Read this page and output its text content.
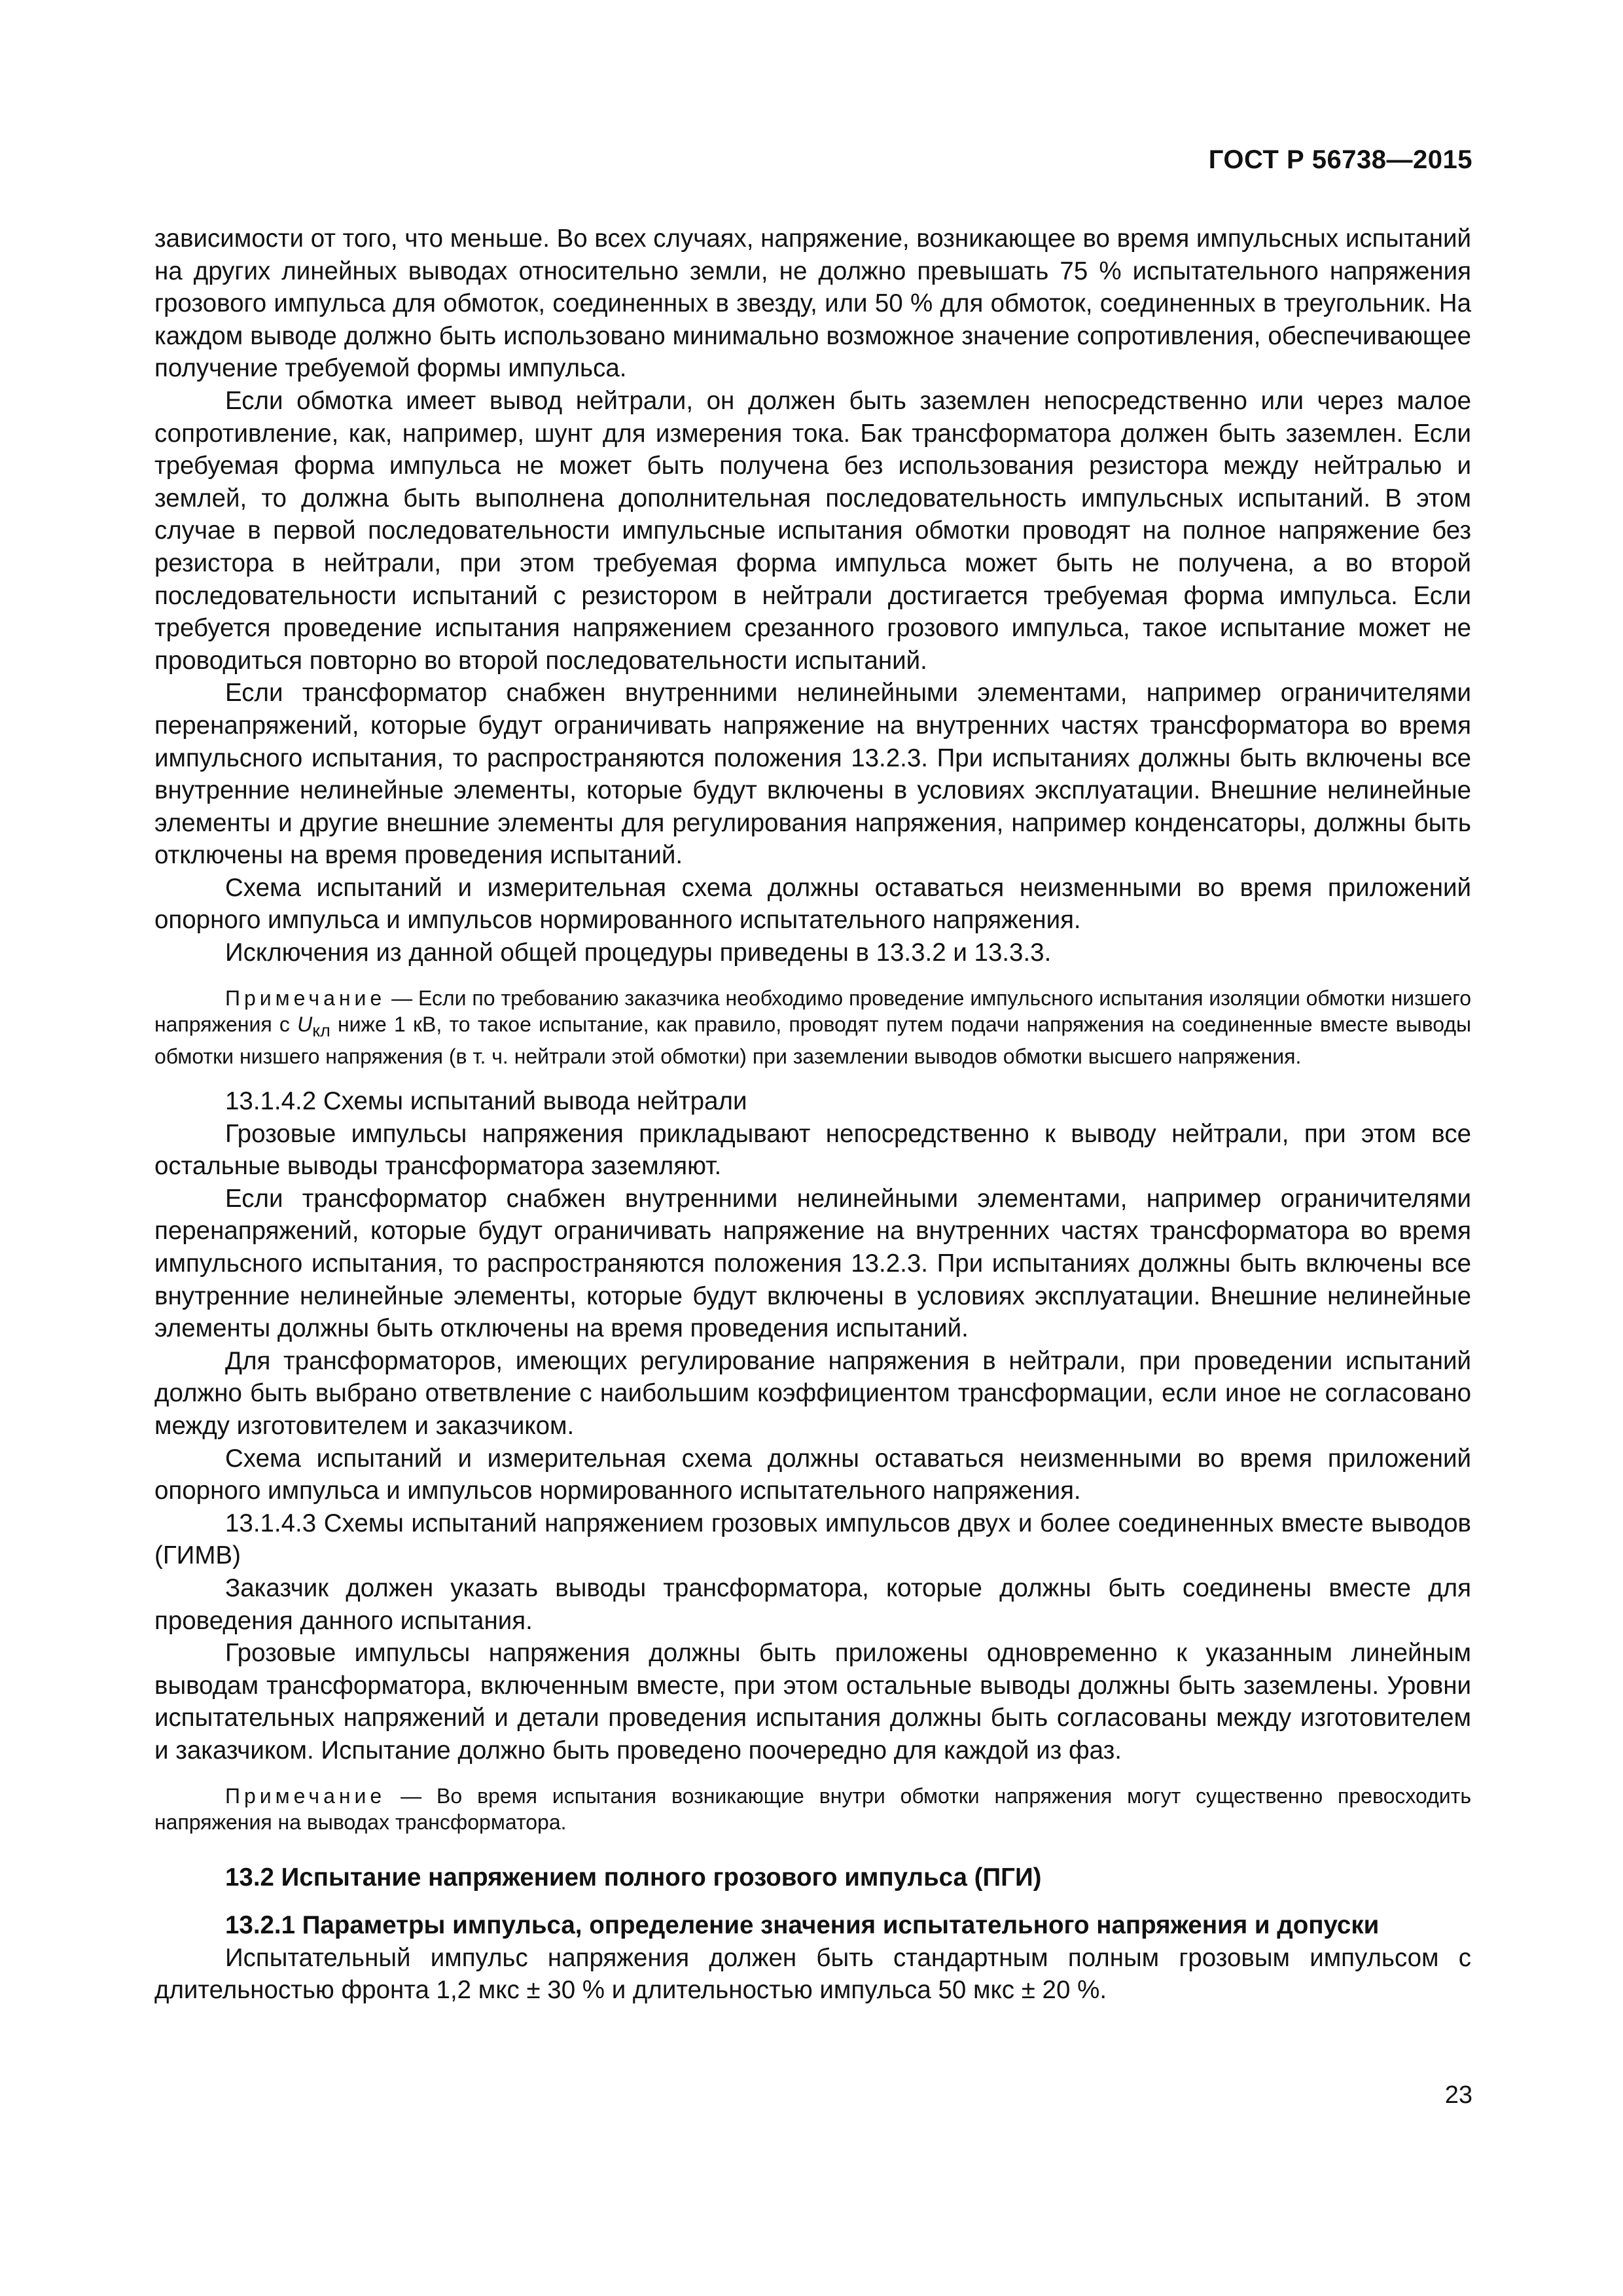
ГОСТ Р 56738—2015

зависимости от того, что меньше. Во всех случаях, напряжение, возникающее во время импульсных испытаний на других линейных выводах относительно земли, не должно превышать 75 % испытательного напряжения грозового импульса для обмоток, соединенных в звезду, или 50 % для обмоток, соединенных в треугольник. На каждом выводе должно быть использовано минимально возможное значение сопротивления, обеспечивающее получение требуемой формы импульса.

Если обмотка имеет вывод нейтрали, он должен быть заземлен непосредственно или через малое сопротивление, как, например, шунт для измерения тока. Бак трансформатора должен быть заземлен. Если требуемая форма импульса не может быть получена без использования резистора между нейтралью и землей, то должна быть выполнена дополнительная последовательность импульсных испытаний. В этом случае в первой последовательности импульсные испытания обмотки проводят на полное напряжение без резистора в нейтрали, при этом требуемая форма импульса может быть не получена, а во второй последовательности испытаний с резистором в нейтрали достигается требуемая форма импульса. Если требуется проведение испытания напряжением срезанного грозового импульса, такое испытание может не проводиться повторно во второй последовательности испытаний.

Если трансформатор снабжен внутренними нелинейными элементами, например ограничителями перенапряжений, которые будут ограничивать напряжение на внутренних частях трансформатора во время импульсного испытания, то распространяются положения 13.2.3. При испытаниях должны быть включены все внутренние нелинейные элементы, которые будут включены в условиях эксплуатации. Внешние нелинейные элементы и другие внешние элементы для регулирования напряжения, например конденсаторы, должны быть отключены на время проведения испытаний.

Схема испытаний и измерительная схема должны оставаться неизменными во время приложений опорного импульса и импульсов нормированного испытательного напряжения.

Исключения из данной общей процедуры приведены в 13.3.2 и 13.3.3.

Примечание — Если по требованию заказчика необходимо проведение импульсного испытания изоляции обмотки низшего напряжения с $U_{кл}$ ниже 1 кВ, то такое испытание, как правило, проводят путем подачи напряжения на соединенные вместе выводы обмотки низшего напряжения (в т. ч. нейтрали этой обмотки) при заземлении выводов обмотки высшего напряжения.

13.1.4.2 Схемы испытаний вывода нейтрали

Грозовые импульсы напряжения прикладывают непосредственно к выводу нейтрали, при этом все остальные выводы трансформатора заземляют.

Если трансформатор снабжен внутренними нелинейными элементами, например ограничителями перенапряжений, которые будут ограничивать напряжение на внутренних частях трансформатора во время импульсного испытания, то распространяются положения 13.2.3. При испытаниях должны быть включены все внутренние нелинейные элементы, которые будут включены в условиях эксплуатации. Внешние нелинейные элементы должны быть отключены на время проведения испытаний.

Для трансформаторов, имеющих регулирование напряжения в нейтрали, при проведении испытаний должно быть выбрано ответвление с наибольшим коэффициентом трансформации, если иное не согласовано между изготовителем и заказчиком.

Схема испытаний и измерительная схема должны оставаться неизменными во время приложений опорного импульса и импульсов нормированного испытательного напряжения.

13.1.4.3 Схемы испытаний напряжением грозовых импульсов двух и более соединенных вместе выводов (ГИМВ)

Заказчик должен указать выводы трансформатора, которые должны быть соединены вместе для проведения данного испытания.

Грозовые импульсы напряжения должны быть приложены одновременно к указанным линейным выводам трансформатора, включенным вместе, при этом остальные выводы должны быть заземлены. Уровни испытательных напряжений и детали проведения испытания должны быть согласованы между изготовителем и заказчиком. Испытание должно быть проведено поочередно для каждой из фаз.

Примечание — Во время испытания возникающие внутри обмотки напряжения могут существенно превосходить напряжения на выводах трансформатора.

13.2 Испытание напряжением полного грозового импульса (ПГИ)

13.2.1 Параметры импульса, определение значения испытательного напряжения и допуски

Испытательный импульс напряжения должен быть стандартным полным грозовым импульсом с длительностью фронта 1,2 мкс ± 30 % и длительностью импульса 50 мкс ± 20 %.

23
